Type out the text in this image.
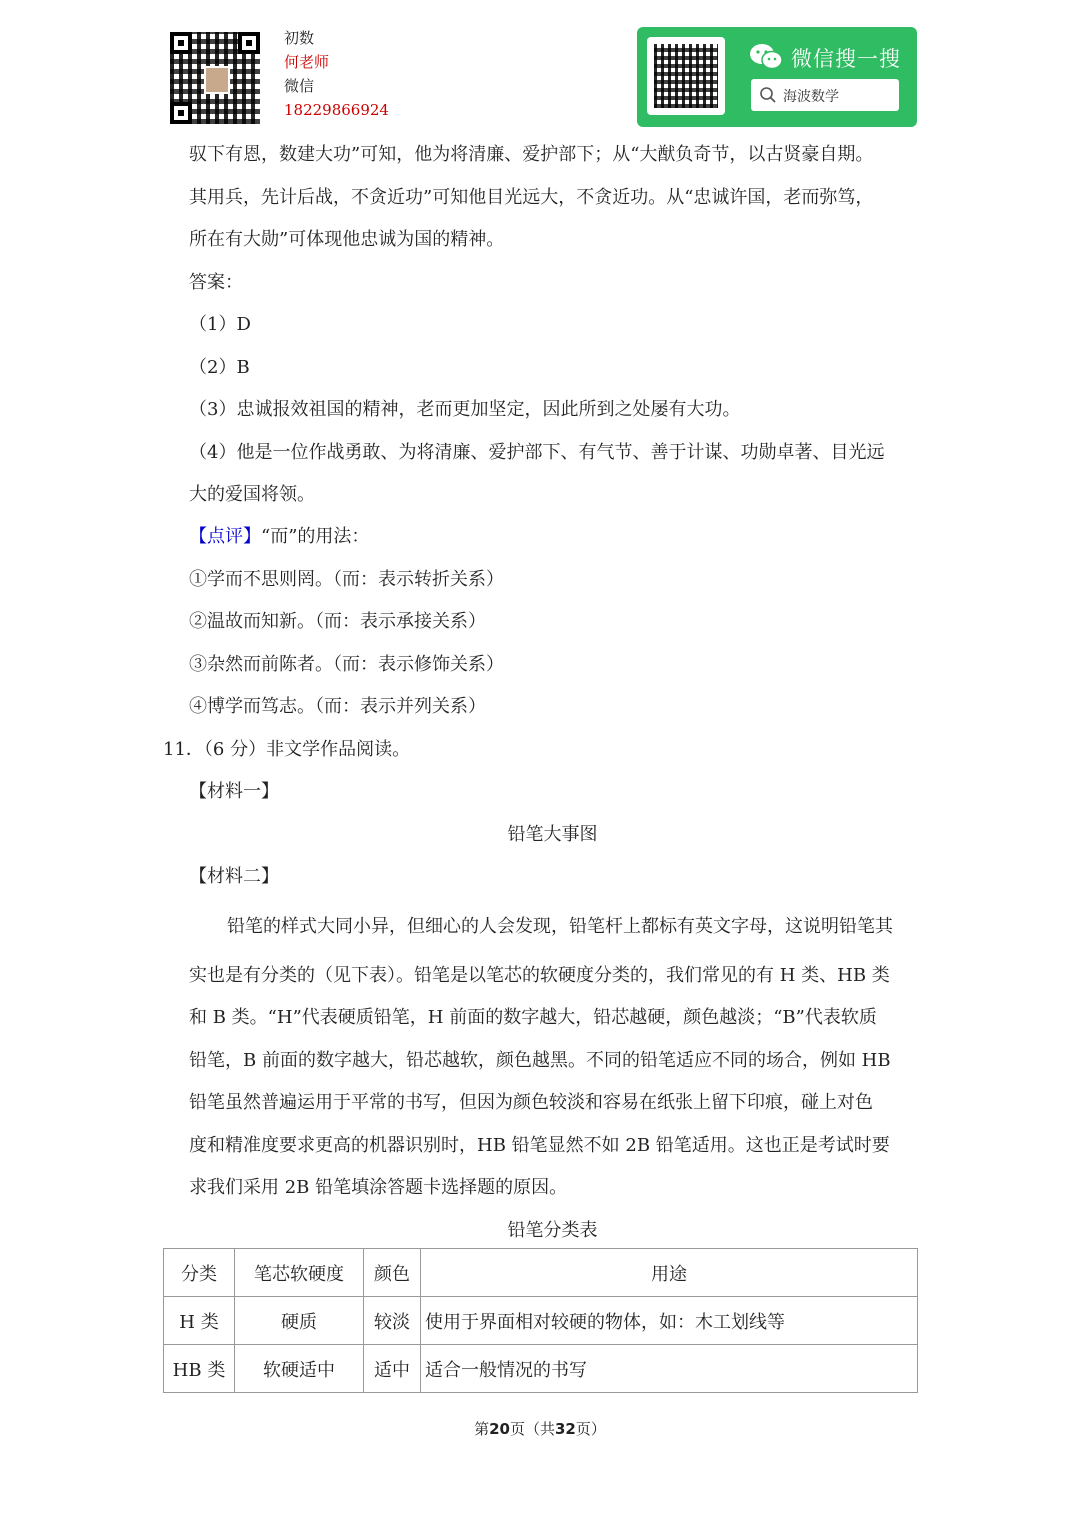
初数
何老师
微信
18229866924
微信搜一搜
海波数学
驭下有恩，数建大功”可知，他为将清廉、爱护部下；从“大猷负奇节，以古贤豪自期。
其用兵，先计后战，不贪近功”可知他目光远大，不贪近功。从“忠诚许国，老而弥笃，
所在有大勋”可体现他忠诚为国的精神。
答案：
（1）D
（2）B
（3）忠诚报效祖国的精神，老而更加坚定，因此所到之处屡有大功。
（4）他是一位作战勇敢、为将清廉、爱护部下、有气节、善于计谋、功勋卓著、目光远
大的爱国将领。
【点评】“而”的用法：
①学而不思则罔。（而：表示转折关系）
②温故而知新。（而：表示承接关系）
③杂然而前陈者。（而：表示修饰关系）
④博学而笃志。（而：表示并列关系）
11．（6 分）非文学作品阅读。
【材料一】
铅笔大事图
【材料二】
铅笔的样式大同小异，但细心的人会发现，铅笔杆上都标有英文字母，这说明铅笔其
实也是有分类的（见下表）。铅笔是以笔芯的软硬度分类的，我们常见的有 H 类、HB 类
和 B 类。“H”代表硬质铅笔，H 前面的数字越大，铅芯越硬，颜色越淡；“B”代表软质
铅笔，B 前面的数字越大，铅芯越软，颜色越黑。不同的铅笔适应不同的场合，例如 HB
铅笔虽然普遍运用于平常的书写，但因为颜色较淡和容易在纸张上留下印痕，碰上对色
度和精准度要求更高的机器识别时，HB 铅笔显然不如 2B 铅笔适用。这也正是考试时要
求我们采用 2B 铅笔填涂答题卡选择题的原因。
铅笔分类表
分类	笔芯软硬度	颜色	用途
H 类	硬质	较淡	使用于界面相对较硬的物体，如：木工划线等
HB 类	软硬适中	适中	适合一般情况的书写
第20页（共32页）
